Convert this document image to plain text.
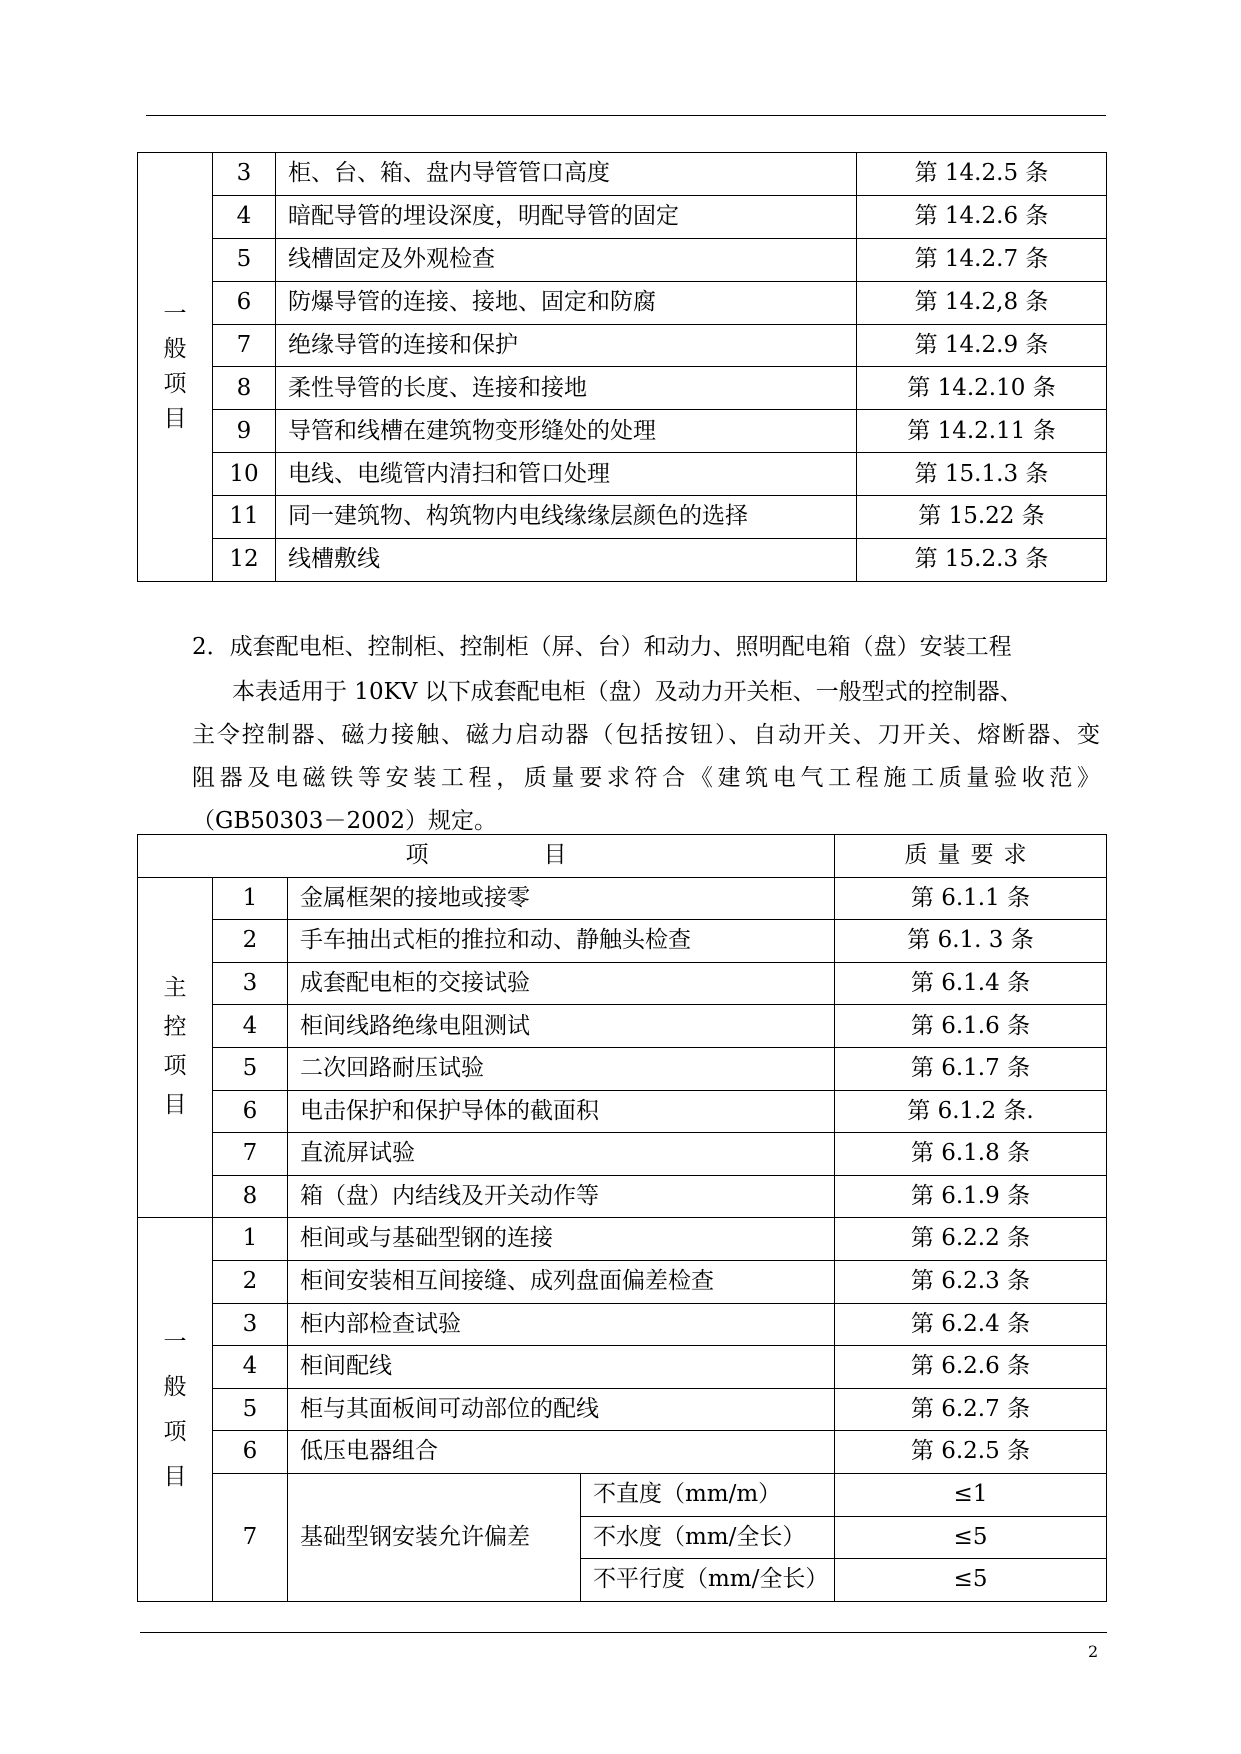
一
般
项
目	3	柜、台、箱、盘内导管管口高度	第 14.2.5 条
	4	暗配导管的埋设深度，明配导管的固定	第 14.2.6 条
	5	线槽固定及外观检查	第 14.2.7 条
	6	防爆导管的连接、接地、固定和防腐	第 14.2,8 条
	7	绝缘导管的连接和保护	第 14.2.9 条
	8	柔性导管的长度、连接和接地	第 14.2.10 条
	9	导管和线槽在建筑物变形缝处的处理	第 14.2.11 条
	10	电线、电缆管内清扫和管口处理	第 15.1.3 条
	11	同一建筑物、构筑物内电线缘缘层颜色的选择	第 15.22 条
	12	线槽敷线	第 15.2.3 条
2．成套配电柜、控制柜、控制柜（屏、台）和动力、照明配电箱（盘）安装工程

本表适用于 10KV 以下成套配电柜（盘）及动力开关柜、一般型式的控制器、

主令控制器、磁力接触、磁力启动器（包括按钮）、自动开关、刀开关、熔断器、变

阻器及电磁铁等安装工程，质量要求符合《建筑电气工程施工质量验收范》

（GB50303－2002）规定。

项 目				质量要求

主
控
项
目	1	金属框架的接地或接零		第 6.1.1 条
	2	手车抽出式柜的推拉和动、静触头检查		第 6.1. 3 条
	3	成套配电柜的交接试验		第 6.1.4 条
	4	柜间线路绝缘电阻测试		第 6.1.6 条
	5	二次回路耐压试验		第 6.1.7 条
	6	电击保护和保护导体的截面积		第 6.1.2 条.
	7	直流屏试验		第 6.1.8 条
	8	箱（盘）内结线及开关动作等		第 6.1.9 条

一
般
项
目	1	柜间或与基础型钢的连接		第 6.2.2 条
	2	柜间安装相互间接缝、成列盘面偏差检查		第 6.2.3 条
	3	柜内部检查试验		第 6.2.4 条
	4	柜间配线		第 6.2.6 条
	5	柜与其面板间可动部位的配线		第 6.2.7 条
	6	低压电器组合		第 6.2.5 条
	7	基础型钢安装允许偏差	不直度（mm/m）	≤1
			不水度（mm/全长）	≤5
			不平行度（mm/全长）	≤5
2
